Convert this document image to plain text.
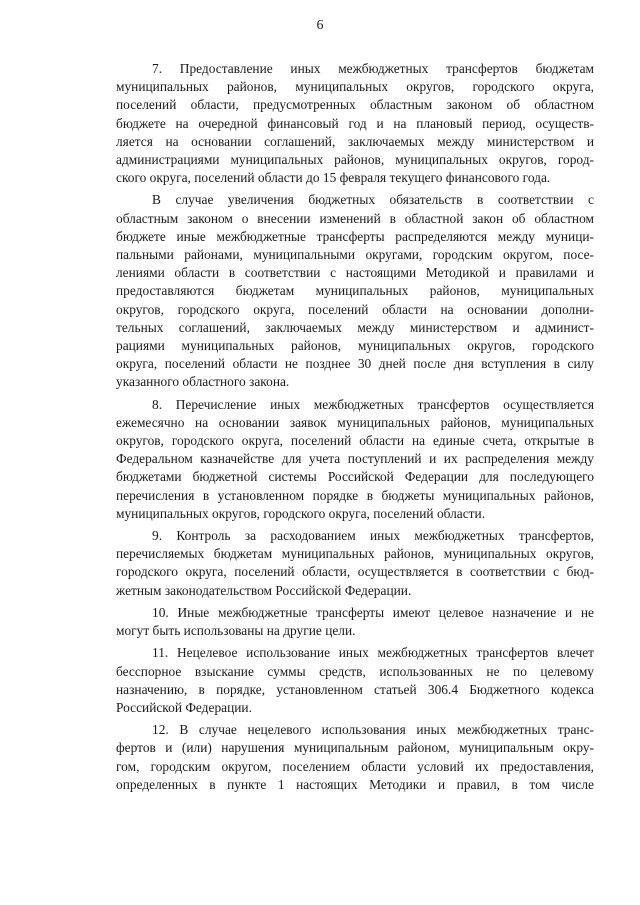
6
7. Предоставление иных межбюджетных трансфертов бюджетам
муниципальных районов, муниципальных округов, городского округа,
поселений области, предусмотренных областным законом об областном
бюджете на очередной финансовый год и на плановый период, осуществ-
ляется на основании соглашений, заключаемых между министерством и
администрациями муниципальных районов, муниципальных округов, город-
ского округа, поселений области до 15 февраля текущего финансового года.
В случае увеличения бюджетных обязательств в соответствии с
областным законом о внесении изменений в областной закон об областном
бюджете иные межбюджетные трансферты распределяются между муници-
пальными районами, муниципальными округами, городским округом, посе-
лениями области в соответствии с настоящими Методикой и правилами и
предоставляются бюджетам муниципальных районов, муниципальных
округов, городского округа, поселений области на основании дополни-
тельных соглашений, заключаемых между министерством и админист-
рациями муниципальных районов, муниципальных округов, городского
округа, поселений области не позднее 30 дней после дня вступления в силу
указанного областного закона.
8. Перечисление иных межбюджетных трансфертов осуществляется
ежемесячно на основании заявок муниципальных районов, муниципальных
округов, городского округа, поселений области на единые счета, открытые в
Федеральном казначействе для учета поступлений и их распределения между
бюджетами бюджетной системы Российской Федерации для последующего
перечисления в установленном порядке в бюджеты муниципальных районов,
муниципальных округов, городского округа, поселений области.
9. Контроль за расходованием иных межбюджетных трансфертов,
перечисляемых бюджетам муниципальных районов, муниципальных округов,
городского округа, поселений области, осуществляется в соответствии с бюд-
жетным законодательством Российской Федерации.
10. Иные межбюджетные трансферты имеют целевое назначение и не
могут быть использованы на другие цели.
11. Нецелевое использование иных межбюджетных трансфертов влечет
бесспорное взыскание суммы средств, использованных не по целевому
назначению, в порядке, установленном статьей 306.4 Бюджетного кодекса
Российской Федерации.
12. В случае нецелевого использования иных межбюджетных транс-
фертов и (или) нарушения муниципальным районом, муниципальным окру-
гом, городским округом, поселением области условий их предоставления,
определенных в пункте 1 настоящих Методики и правил, в том числе
